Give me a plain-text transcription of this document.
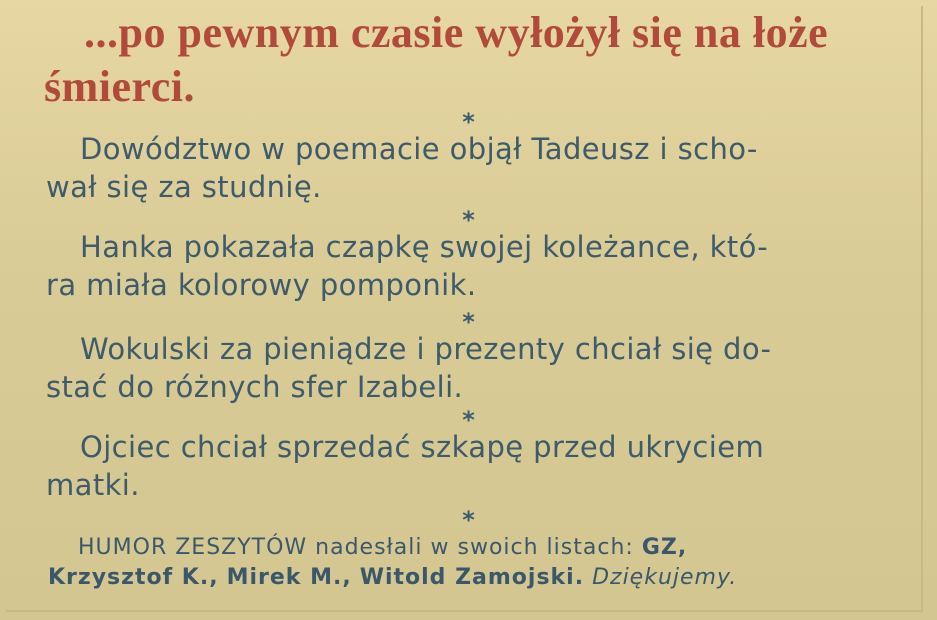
...po pewnym czasie wyłożył się na łoże śmierci.
*
Dowództwo w poemacie objął Tadeusz i scho-
wał się za studnię.
*
Hanka pokazała czapkę swojej koleżance, któ-
ra miała kolorowy pomponik.
*
Wokulski za pieniądze i prezenty chciał się do-
stać do różnych sfer Izabeli.
*
Ojciec chciał sprzedać szkapę przed ukryciem
matki.
*
HUMOR ZESZYTÓW nadesłali w swoich listach: GZ,
Krzysztof K., Mirek M., Witold Zamojski. Dziękujemy.
